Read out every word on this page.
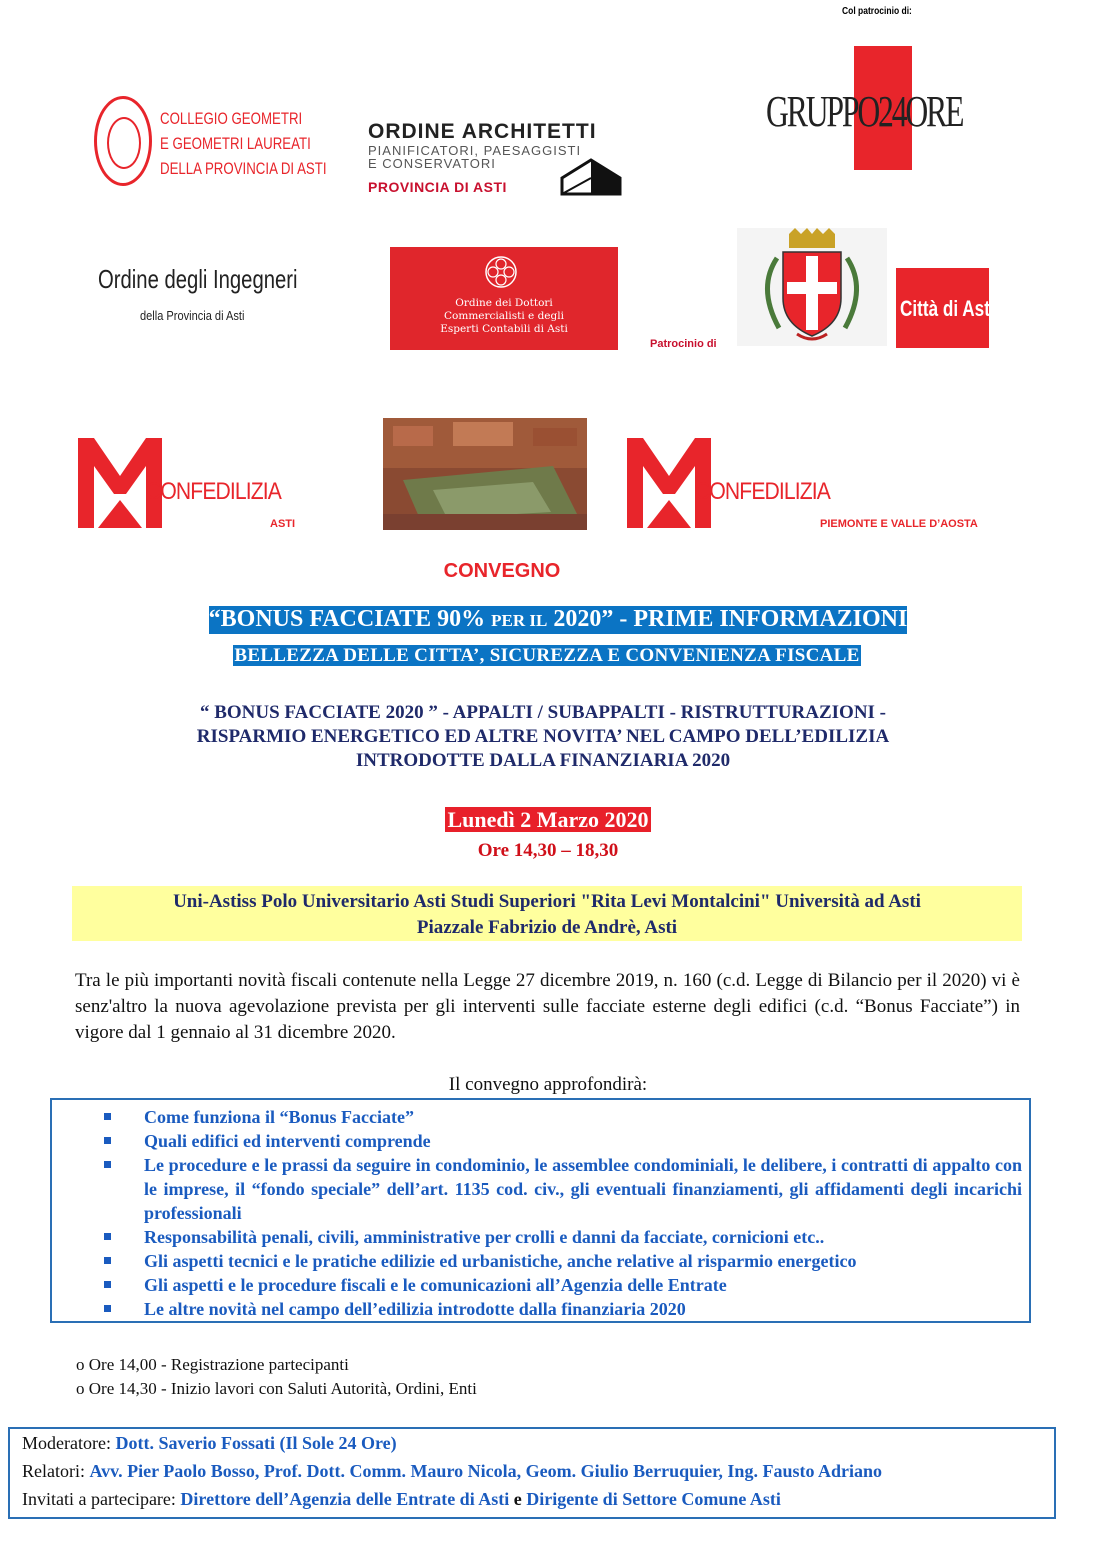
Col patrocinio di:
GRUPPO24ORE
COLLEGIO GEOMETRI
E GEOMETRI LAUREATI
DELLA PROVINCIA DI ASTI
ORDINE ARCHITETTI
PIANIFICATORI, PAESAGGISTI
E CONSERVATORI
PROVINCIA DI ASTI
Ordine degli Ingegneri
della Provincia di Asti
Ordine dei Dottori
Commercialisti e degli
Esperti Contabili di Asti
Patrocinio di
Città di Asti
CONFEDILIZIA
ASTI
CONFEDILIZIA
PIEMONTE E VALLE D’AOSTA
CONVEGNO
“BONUS FACCIATE 90% PER IL 2020” - PRIME INFORMAZIONI
BELLEZZA DELLE CITTA’, SICUREZZA E CONVENIENZA FISCALE
“ BONUS FACCIATE 2020 ” - APPALTI / SUBAPPALTI - RISTRUTTURAZIONI -
RISPARMIO ENERGETICO ED ALTRE NOVITA’ NEL CAMPO DELL’EDILIZIA
INTRODOTTE DALLA FINANZIARIA 2020
Lunedì 2 Marzo 2020
Ore 14,30 – 18,30
Uni-Astiss Polo Universitario Asti Studi Superiori "Rita Levi Montalcini" Università ad Asti
Piazzale Fabrizio de Andrè, Asti
Tra le più importanti novità fiscali contenute nella Legge 27 dicembre 2019, n. 160 (c.d. Legge di Bilancio per il 2020) vi è senz'altro la nuova agevolazione prevista per gli interventi sulle facciate esterne degli edifici (c.d. “Bonus Facciate”) in vigore dal 1 gennaio al 31 dicembre 2020.
Il convegno approfondirà:
Come funziona il “Bonus Facciate”
Quali edifici ed interventi comprende
Le procedure e le prassi da seguire in condominio, le assemblee condominiali, le delibere, i contratti di appalto con le imprese, il “fondo speciale” dell’art. 1135 cod. civ., gli eventuali finanziamenti, gli affidamenti degli incarichi professionali
Responsabilità penali, civili, amministrative per crolli e danni da facciate, cornicioni etc..
Gli aspetti tecnici e le pratiche edilizie ed urbanistiche, anche relative al risparmio energetico
Gli aspetti e le procedure fiscali e le comunicazioni all’Agenzia delle Entrate
Le altre novità nel campo dell’edilizia introdotte dalla finanziaria 2020
o Ore 14,00 - Registrazione partecipanti
o Ore 14,30 - Inizio lavori con Saluti Autorità, Ordini, Enti
Moderatore: Dott. Saverio Fossati (Il Sole 24 Ore)
Relatori: Avv. Pier Paolo Bosso, Prof. Dott. Comm. Mauro Nicola, Geom. Giulio Berruquier, Ing. Fausto Adriano
Invitati a partecipare: Direttore dell’Agenzia delle Entrate di Asti e Dirigente di Settore Comune Asti
